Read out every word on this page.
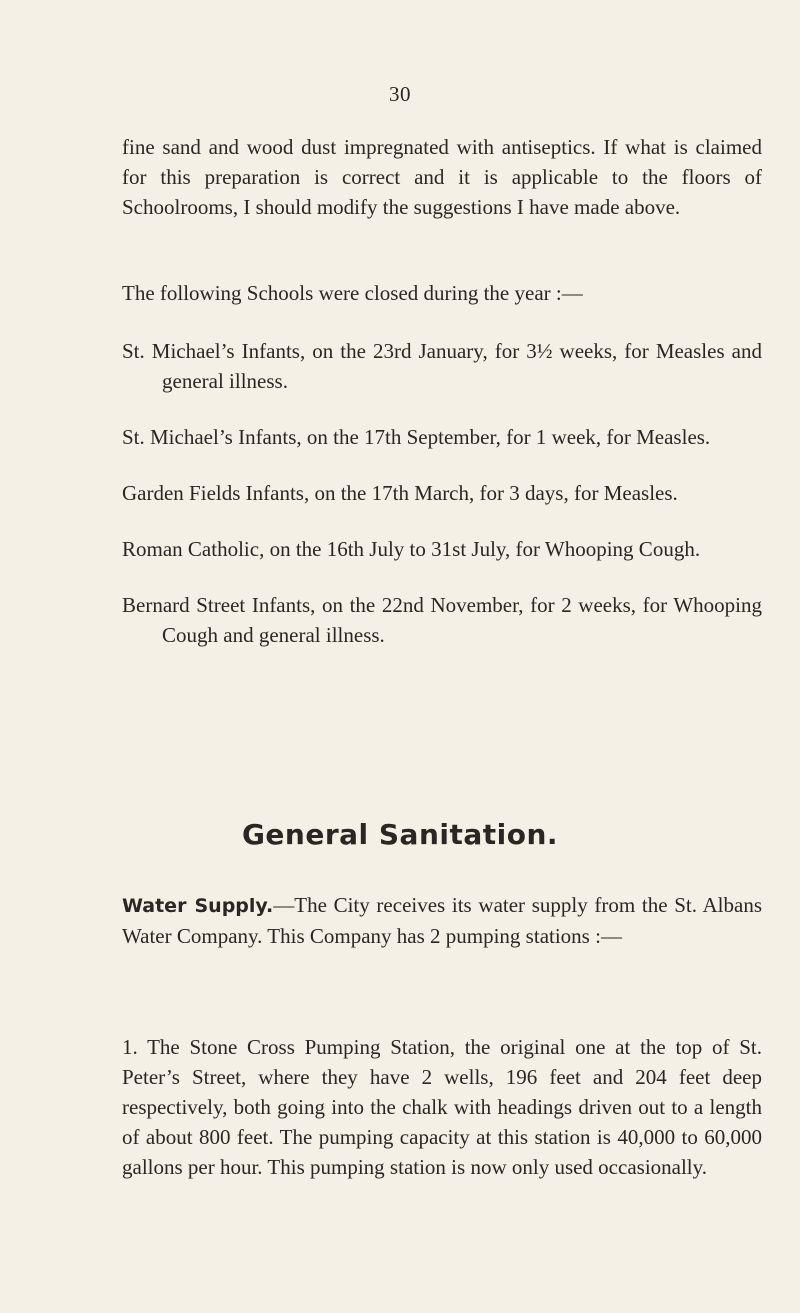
30

fine sand and wood dust impregnated with antiseptics. If what is claimed for this preparation is correct and it is applicable to the floors of Schoolrooms, I should modify the suggestions I have made above.

The following Schools were closed during the year :—

St. Michael’s Infants, on the 23rd January, for 3½ weeks, for Measles and general illness.
St. Michael’s Infants, on the 17th September, for 1 week, for Measles.
Garden Fields Infants, on the 17th March, for 3 days, for Measles.
Roman Catholic, on the 16th July to 31st July, for Whooping Cough.
Bernard Street Infants, on the 22nd November, for 2 weeks, for Whooping Cough and general illness.
General Sanitation.

Water Supply.—The City receives its water supply from the St. Albans Water Company. This Company has 2 pumping stations :—

1. The Stone Cross Pumping Station, the original one at the top of St. Peter’s Street, where they have 2 wells, 196 feet and 204 feet deep respectively, both going into the chalk with headings driven out to a length of about 800 feet. The pumping capacity at this station is 40,000 to 60,000 gallons per hour. This pumping station is now only used occasionally.
